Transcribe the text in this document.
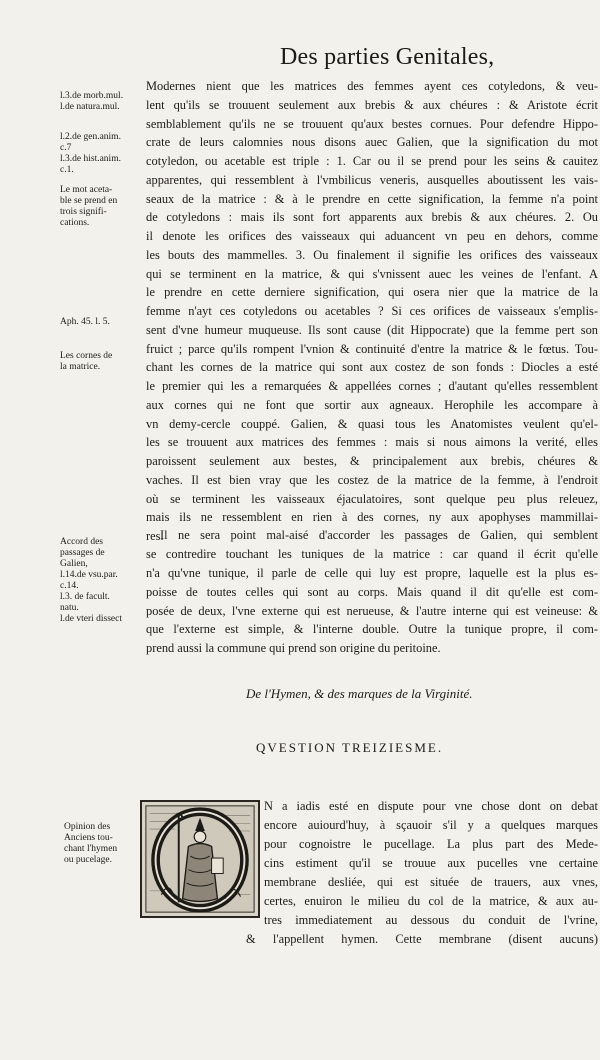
Des parties Genitales,
l.3.de morb.mul.
l.de natura.mul.
l.2.de gen.anim.
c.7
l.3.de hist.anim.
c.1.
Le mot aceta-
ble se prend en
trois signifi-
cations.
Aph. 45. l. 5.
Les cornes de
la matrice.
Accord des
passages de
Galien,
l.14.de vsu.par.
c.14.
l.3. de facult.
natu.
l.de vteri dissect
Opinion des
Anciens tou-
chant l'hymen
ou pucelage.
Modernes nient que les matrices des femmes ayent ces cotyledons, & veu-
lent qu'ils se trouuent seulement aux brebis & aux chéures : & Aristote écrit
semblablement qu'ils ne se trouuent qu'aux bestes cornues. Pour defendre Hippo-
crate de leurs calomnies nous disons auec Galien, que la signification du mot
cotyledon, ou acetable est triple : 1. Car ou il se prend pour les seins & cauitez
apparentes, qui ressemblent à l'vmbilicus veneris, ausquelles aboutissent les vais-
seaux de la matrice : & à le prendre en cette signification, la femme n'a point
de cotyledons : mais ils sont fort apparents aux brebis & aux chéures. 2. Ou
il denote les orifices des vaisseaux qui aduancent vn peu en dehors, comme
les bouts des mammelles. 3. Ou finalement il signifie les orifices des vaisseaux
qui se terminent en la matrice, & qui s'vnissent auec les veines de l'enfant. A
le prendre en cette derniere signification, qui osera nier que la matrice de la
femme n'ayt ces cotyledons ou acetables ? Si ces orifices de vaisseaux s'emplis-
sent d'vne humeur muqueuse. Ils sont cause (dit Hippocrate) que la femme pert son
fruict ; parce qu'ils rompent l'vnion & continuité d'entre la matrice & le fœtus. Tou-
chant les cornes de la matrice qui sont aux costez de son fonds : Diocles a esté
le premier qui les a remarquées & appellées cornes ; d'autant qu'elles ressemblent
aux cornes qui ne font que sortir aux agneaux. Herophile les accompare à
vn demy-cercle couppé. Galien, & quasi tous les Anatomistes veulent qu'el-
les se trouuent aux matrices des femmes : mais si nous aimons la verité, elles
paroissent seulement aux bestes, & principalement aux brebis, chéures &
vaches. Il est bien vray que les costez de la matrice de la femme, à l'endroit
où se terminent les vaisseaux éjaculatoires, sont quelque peu plus releuez,
mais ils ne ressemblent en rien à des cornes, ny aux apophyses mammillai-
res.
Il ne sera point mal-aisé d'accorder les passages de Galien, qui semblent
se contredire touchant les tuniques de la matrice : car quand il écrit qu'elle
n'a qu'vne tunique, il parle de celle qui luy est propre, laquelle est la plus es-
poisse de toutes celles qui sont au corps. Mais quand il dit qu'elle est com-
posée de deux, l'vne externe qui est nerueuse, & l'autre interne qui est veineuse: &
que l'externe est simple, & l'interne double. Outre la tunique propre, il com-
prend aussi la commune qui prend son origine du peritoine.
De l'Hymen, & des marques de la Virginité.
QVESTION TREIZIESME.
N a iadis esté en dispute pour vne chose dont on debat
encore auiourd'huy, à sçauoir s'il y a quelques marques
pour cognoistre le pucellage. La plus part des Mede-
cins estiment qu'il se trouue aux pucelles vne certaine
membrane desliée, qui est située de trauers, aux vnes,
certes, enuiron le milieu du col de la matrice, & aux au-
tres immediatement au dessous du conduit de l'vrine,
& l'appellent hymen. Cette membrane (disent aucuns)
